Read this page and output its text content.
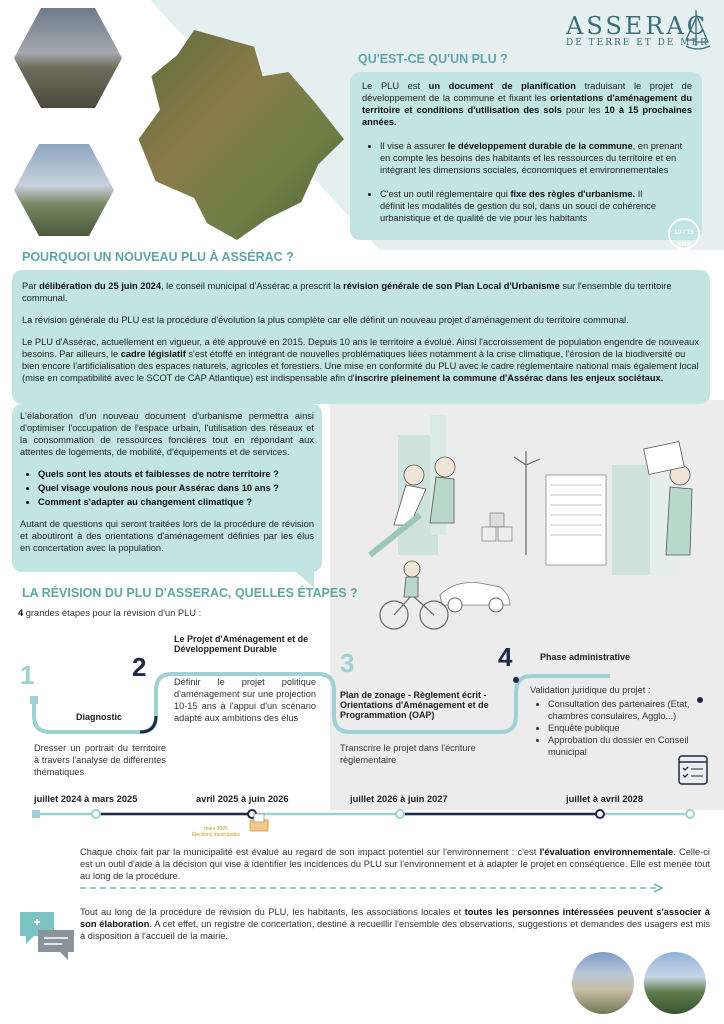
ASSERAC
DE TERRE ET DE MER
QU'EST-CE QU'UN PLU ?

Le PLU est un document de planification traduisant le projet de développement de la commune et fixant les orientations d'aménagement du territoire et conditions d'utilisation des sols pour les 10 à 15 prochaines années.

• Il vise à assurer le développement durable de la commune, en prenant en compte les besoins des habitants et les ressources du territoire et en intégrant les dimensions sociales, économiques et environnementales
• C'est un outil réglementaire qui fixe des règles d'urbanisme. Il définit les modalités de gestion du sol, dans un souci de cohérence urbanistique et de qualité de vie pour les habitants
10 / 15
ANS
POURQUOI UN NOUVEAU PLU À ASSÉRAC ?

Par délibération du 25 juin 2024, le conseil municipal d'Assérac a prescrit la révision générale de son Plan Local d'Urbanisme sur l'ensemble du territoire communal.

La révision générale du PLU est la procédure d'évolution la plus complète car elle définit un nouveau projet d'aménagement du territoire communal.

Le PLU d'Assérac, actuellement en vigueur, a été approuvé en 2015. Depuis 10 ans le territoire a évolué. Ainsi l'accroissement de population engendre de nouveaux besoins. Par ailleurs, le cadre législatif s'est étoffé en intégrant de nouvelles problématiques liées notamment à la crise climatique, l'érosion de la biodiversité ou bien encore l'artificialisation des espaces naturels, agricoles et forestiers. Une mise en conformité du PLU avec le cadre réglementaire national mais également local (mise en compatibilité avec le SCOT de CAP Atlantique) est indispensable afin d'inscrire pleinement la commune d'Assérac dans les enjeux sociétaux.

L'élaboration d'un nouveau document d'urbanisme permettra ainsi d'optimiser l'occupation de l'espace urbain, l'utilisation des réseaux et la consommation de ressources foncières tout en répondant aux attentes de logements, de mobilité, d'équipements et de services.

• Quels sont les atouts et faiblesses de notre territoire ?
• Quel visage voulons nous pour Assérac dans 10 ans ?
• Comment s'adapter au changement climatique ?

Autant de questions qui seront traitées lors de la procédure de révision et aboutiront à des orientations d'aménagement définies par les élus en concertation avec la population.

LA RÉVISION DU PLU D'ASSERAC, QUELLES ÉTAPES ?
4 grandes étapes pour la révision d'un PLU :
1
Diagnostic
Dresser un portrait du territoire à travers l'analyse de différentes thématiques
2
Le Projet d'Aménagement et de Développement Durable
Définir le projet politique d'aménagement sur une projection 10-15 ans à l'appui d'un scénario adapté aux ambitions des élus
3
Plan de zonage - Règlement écrit - Orientations d'Aménagement et de Programmation (OAP)
Transcrire le projet dans l'écriture règlementaire
4	Phase administrative
Validation juridique du projet :
• Consultation des partenaires (Etat, chambres consulaires, Agglo...)
• Enquête publique
• Approbation du dossier en Conseil municipal
juillet 2024 à mars 2025	avril 2025 à juin 2026	juillet 2026 à juin 2027	juillet à avril 2028
mars 2026
Élections municipales
Chaque choix fait par la municipalité est évalué au regard de son impact potentiel sur l'environnement : c'est l'évaluation environnementale. Celle-ci est un outil d'aide à la décision qui vise à identifier les incidences du PLU sur l'environnement et à adapter le projet en conséquence. Elle est menée tout au long de la procédure.
Tout au long de la procédure de révision du PLU, les habitants, les associations locales et toutes les personnes intéressées peuvent s'associer à son élaboration. A cet effet, un registre de concertation, destiné à recueillir l'ensemble des observations, suggestions et demandes des usagers est mis à disposition à l'accueil de la mairie.
